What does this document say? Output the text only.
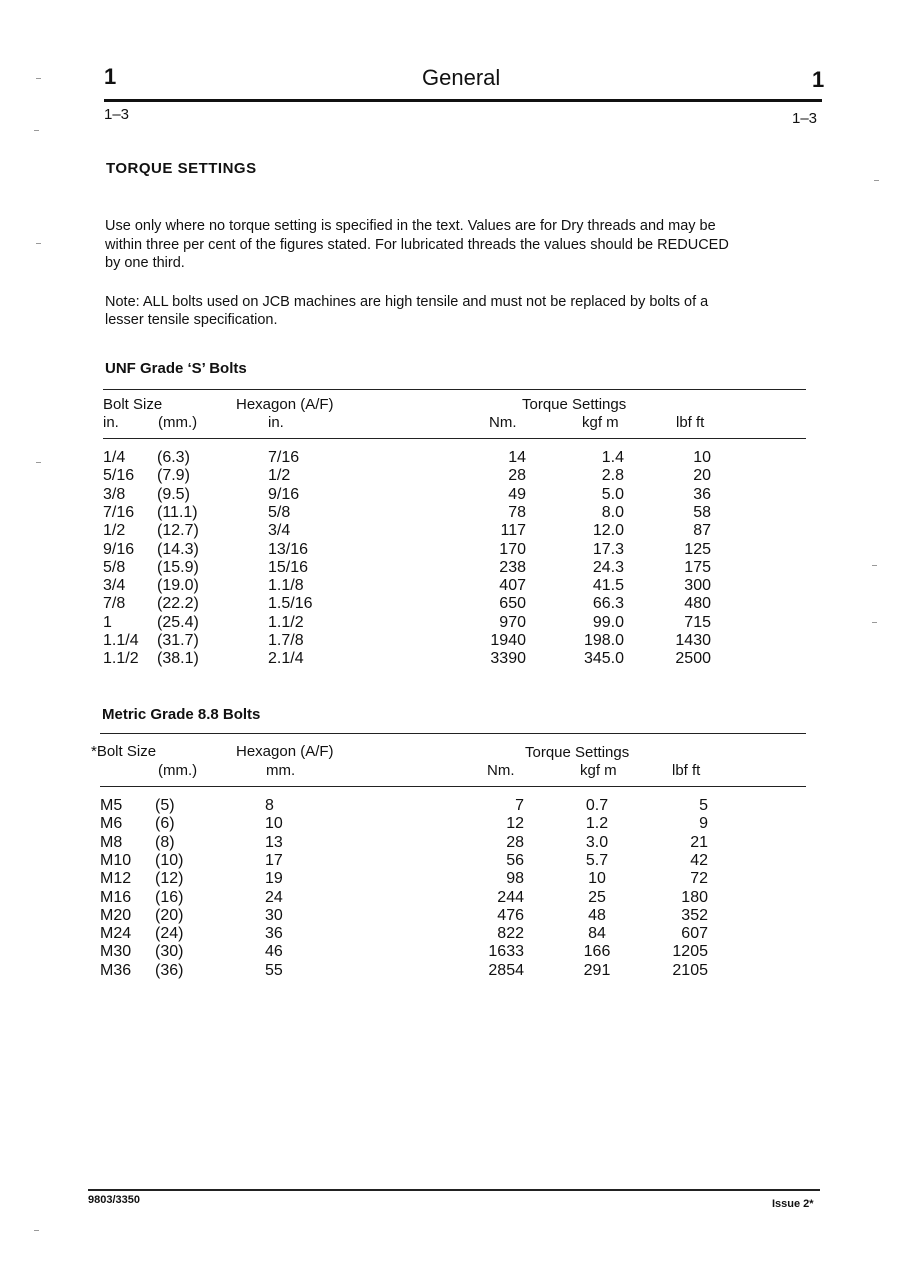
1	General	1
1–3	1–3
TORQUE SETTINGS
Use only where no torque setting is specified in the text. Values are for Dry threads and may be
within three per cent of the figures stated. For lubricated threads the values should be REDUCED
by one third.
Note: ALL bolts used on JCB machines are high tensile and must not be replaced by bolts of a
lesser tensile specification.
UNF Grade ‘S’ Bolts
Bolt Size	Hexagon (A/F)	Torque Settings
in.	(mm.)	in.	Nm.	kgf m	lbf ft
1/4 (6.3)	7/16	14	1.4	10
5/16 (7.9)	1/2	28	2.8	20
3/8 (9.5)	9/16	49	5.0	36
7/16 (11.1)	5/8	78	8.0	58
1/2 (12.7)	3/4	117	12.0	87
9/16 (14.3)	13/16	170	17.3	125
5/8 (15.9)	15/16	238	24.3	175
3/4 (19.0)	1.1/8	407	41.5	300
7/8 (22.2)	1.5/16	650	66.3	480
1	(25.4)	1.1/2	970	99.0	715
1.1/4 (31.7)	1.7/8	1940	198.0	1430
1.1/2 (38.1)	2.1/4	3390	345.0	2500
Metric Grade 8.8 Bolts
*Bolt Size	Hexagon (A/F)	Torque Settings
(mm.)	mm.	Nm.	kgf m	lbf ft
M5 (5)	8	7	0.7	5
M6 (6)	10	12	1.2	9
M8 (8)	13	28	3.0	21
M10 (10)	17	56	5.7	42
M12 (12)	19	98	10	72
M16 (16)	24	244	25	180
M20 (20)	30	476	48	352
M24 (24)	36	822	84	607
M30 (30)	46	1633	166	1205
M36 (36)	55	2854	291	2105
9803/3350	Issue 2*
